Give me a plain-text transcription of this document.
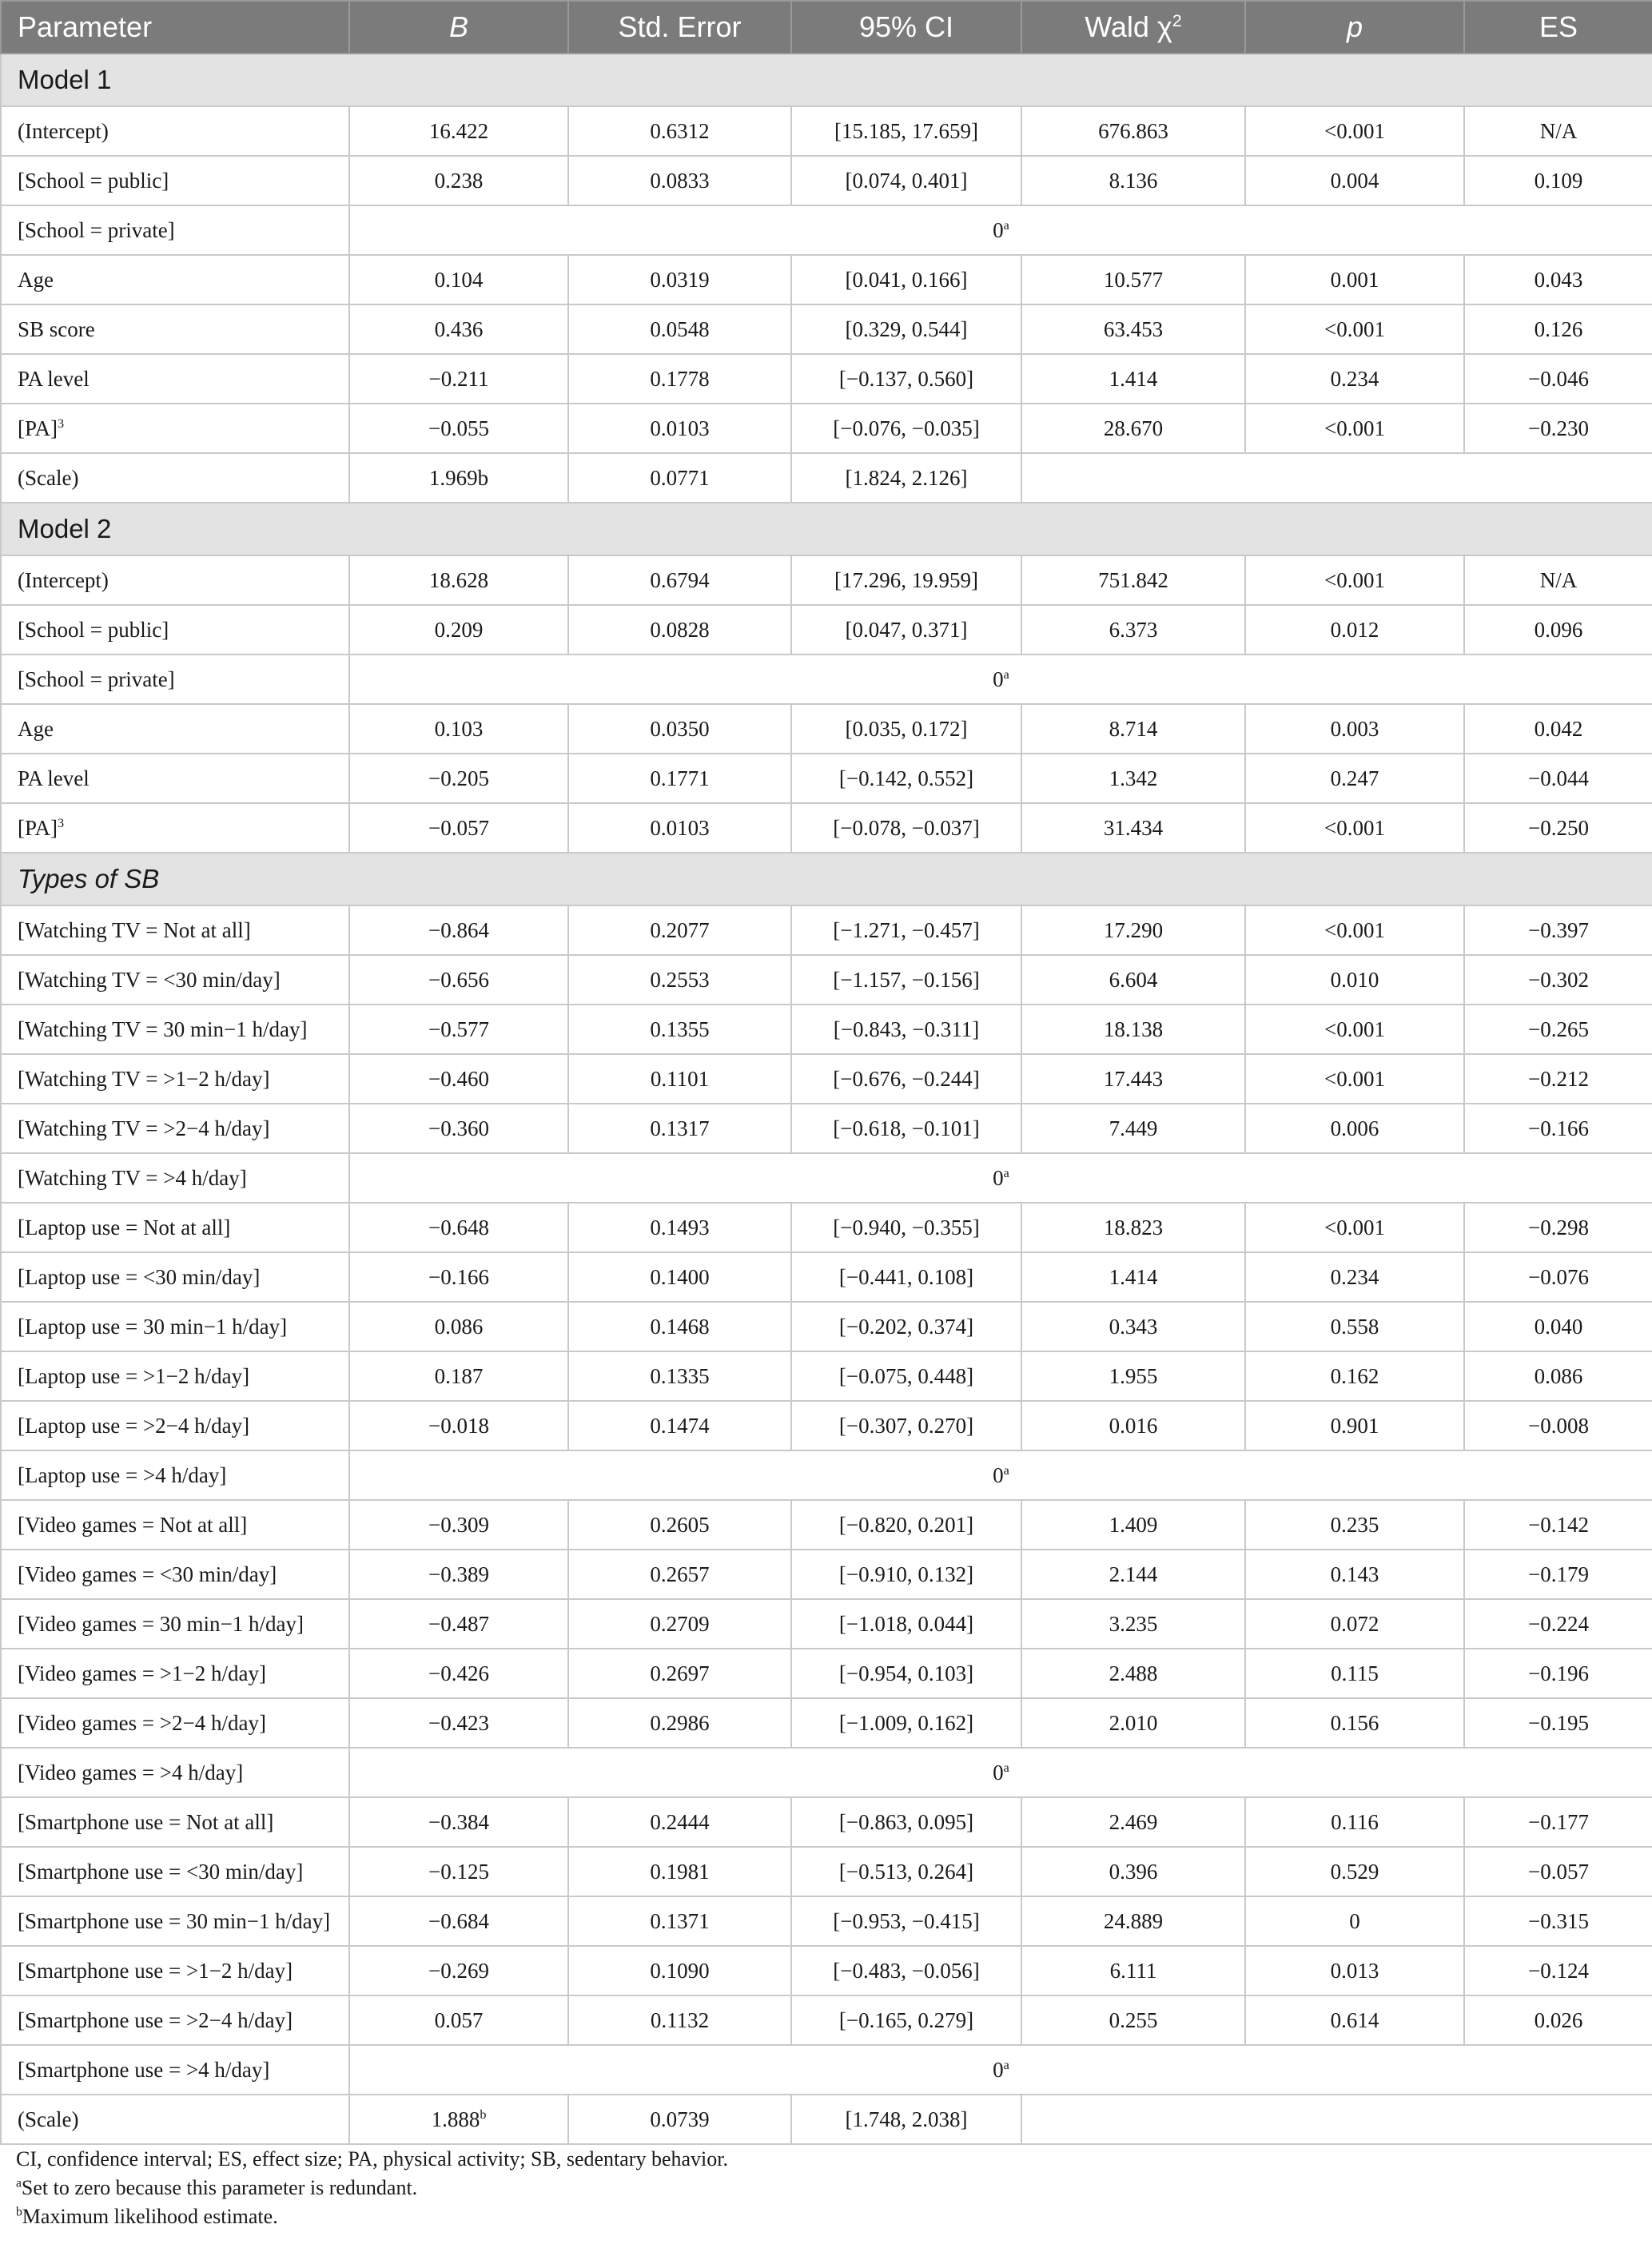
Parameter	B	Std. Error	95% CI	Wald $\chi^2$	p	ES
Model 1						
(Intercept)	16.422	0.6312	[15.185, 17.659]	676.863	<0.001	N/A
[School = public]	0.238	0.0833	[0.074, 0.401]	8.136	0.004	0.109
[School = private]	0$^a$
Age	0.104	0.0319	[0.041, 0.166]	10.577	0.001	0.043
SB score	0.436	0.0548	[0.329, 0.544]	63.453	<0.001	0.126
PA level	−0.211	0.1778	[−0.137, 0.560]	1.414	0.234	−0.046
[PA]$^3$	−0.055	0.0103	[−0.076, −0.035]	28.670	<0.001	−0.230
(Scale)	1.969b	0.0771	[1.824, 2.126]			
Model 2						
(Intercept)	18.628	0.6794	[17.296, 19.959]	751.842	<0.001	N/A
[School = public]	0.209	0.0828	[0.047, 0.371]	6.373	0.012	0.096
[School = private]	0$^a$
Age	0.103	0.0350	[0.035, 0.172]	8.714	0.003	0.042
PA level	−0.205	0.1771	[−0.142, 0.552]	1.342	0.247	−0.044
[PA]$^3$	−0.057	0.0103	[−0.078, −0.037]	31.434	<0.001	−0.250
Types of SB						
[Watching TV = Not at all]	−0.864	0.2077	[−1.271, −0.457]	17.290	<0.001	−0.397
[Watching TV = <30 min/day]	−0.656	0.2553	[−1.157, −0.156]	6.604	0.010	−0.302
[Watching TV = 30 min−1 h/day]	−0.577	0.1355	[−0.843, −0.311]	18.138	<0.001	−0.265
[Watching TV = >1−2 h/day]	−0.460	0.1101	[−0.676, −0.244]	17.443	<0.001	−0.212
[Watching TV = >2−4 h/day]	−0.360	0.1317	[−0.618, −0.101]	7.449	0.006	−0.166
[Watching TV = >4 h/day]	0$^a$
[Laptop use = Not at all]	−0.648	0.1493	[−0.940, −0.355]	18.823	<0.001	−0.298
[Laptop use = <30 min/day]	−0.166	0.1400	[−0.441, 0.108]	1.414	0.234	−0.076
[Laptop use = 30 min−1 h/day]	0.086	0.1468	[−0.202, 0.374]	0.343	0.558	0.040
[Laptop use = >1−2 h/day]	0.187	0.1335	[−0.075, 0.448]	1.955	0.162	0.086
[Laptop use = >2−4 h/day]	−0.018	0.1474	[−0.307, 0.270]	0.016	0.901	−0.008
[Laptop use = >4 h/day]	0$^a$
[Video games = Not at all]	−0.309	0.2605	[−0.820, 0.201]	1.409	0.235	−0.142
[Video games = <30 min/day]	−0.389	0.2657	[−0.910, 0.132]	2.144	0.143	−0.179
[Video games = 30 min−1 h/day]	−0.487	0.2709	[−1.018, 0.044]	3.235	0.072	−0.224
[Video games = >1−2 h/day]	−0.426	0.2697	[−0.954, 0.103]	2.488	0.115	−0.196
[Video games = >2−4 h/day]	−0.423	0.2986	[−1.009, 0.162]	2.010	0.156	−0.195
[Video games = >4 h/day]	0$^a$
[Smartphone use = Not at all]	−0.384	0.2444	[−0.863, 0.095]	2.469	0.116	−0.177
[Smartphone use = <30 min/day]	−0.125	0.1981	[−0.513, 0.264]	0.396	0.529	−0.057
[Smartphone use = 30 min−1 h/day]	−0.684	0.1371	[−0.953, −0.415]	24.889	0	−0.315
[Smartphone use = >1−2 h/day]	−0.269	0.1090	[−0.483, −0.056]	6.111	0.013	−0.124
[Smartphone use = >2−4 h/day]	0.057	0.1132	[−0.165, 0.279]	0.255	0.614	0.026
[Smartphone use = >4 h/day]	0$^a$
(Scale)	1.888$^b$	0.0739	[1.748, 2.038]			
CI, confidence interval; ES, effect size; PA, physical activity; SB, sedentary behavior.
$^a$Set to zero because this parameter is redundant.
$^b$Maximum likelihood estimate.
